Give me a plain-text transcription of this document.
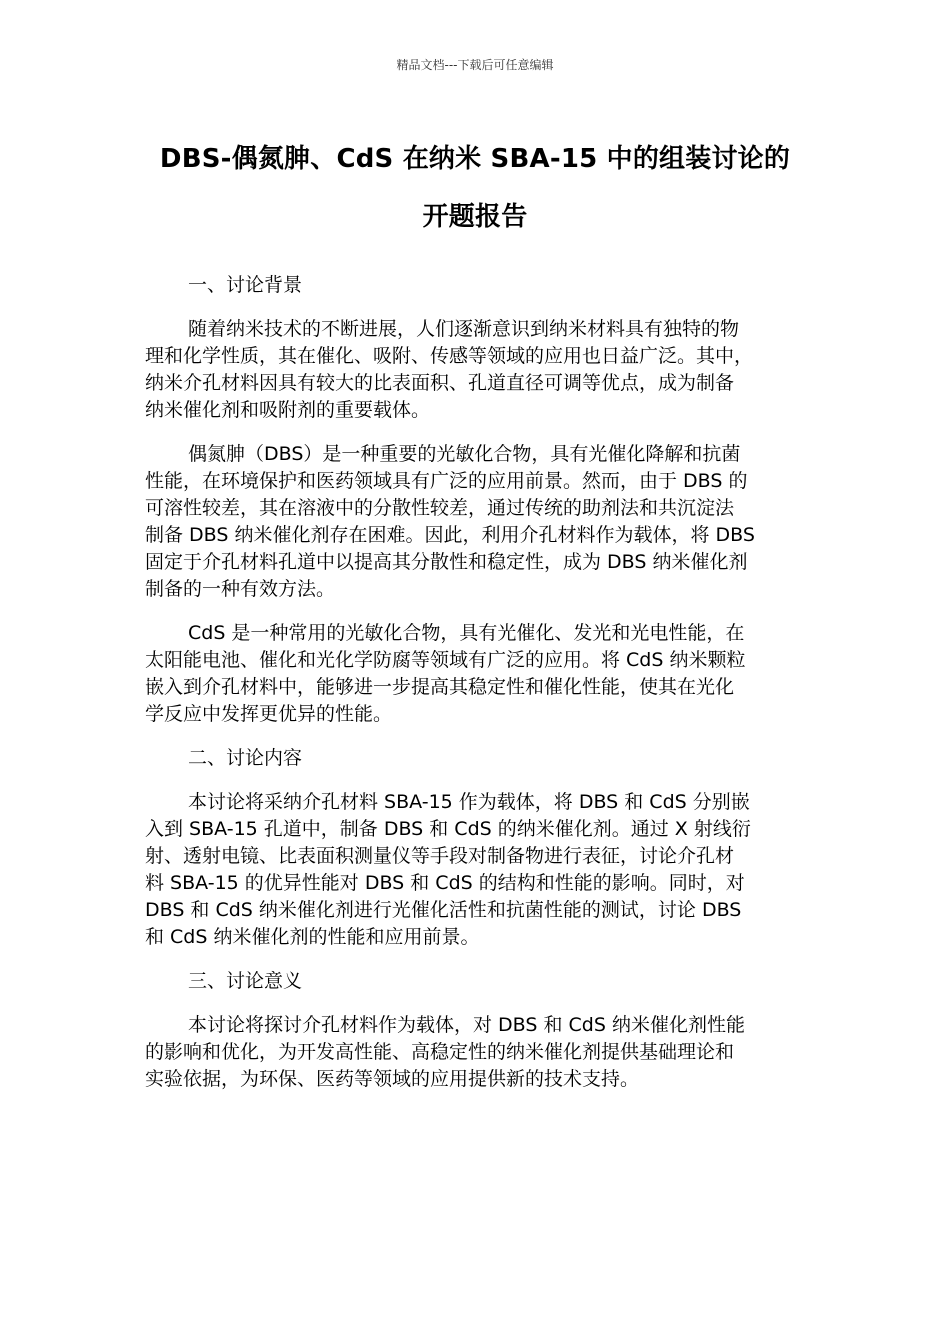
精品文档---下载后可任意编辑
DBS-偶氮胂、CdS 在纳米 SBA-15 中的组装讨论的
开题报告
一、讨论背景
随着纳米技术的不断进展，人们逐渐意识到纳米材料具有独特的物
理和化学性质，其在催化、吸附、传感等领域的应用也日益广泛。其中，
纳米介孔材料因具有较大的比表面积、孔道直径可调等优点，成为制备
纳米催化剂和吸附剂的重要载体。
偶氮胂（DBS）是一种重要的光敏化合物，具有光催化降解和抗菌
性能，在环境保护和医药领域具有广泛的应用前景。然而，由于 DBS 的
可溶性较差，其在溶液中的分散性较差，通过传统的助剂法和共沉淀法
制备 DBS 纳米催化剂存在困难。因此，利用介孔材料作为载体，将 DBS
固定于介孔材料孔道中以提高其分散性和稳定性，成为 DBS 纳米催化剂
制备的一种有效方法。
CdS 是一种常用的光敏化合物，具有光催化、发光和光电性能，在
太阳能电池、催化和光化学防腐等领域有广泛的应用。将 CdS 纳米颗粒
嵌入到介孔材料中，能够进一步提高其稳定性和催化性能，使其在光化
学反应中发挥更优异的性能。
二、讨论内容
本讨论将采纳介孔材料 SBA-15 作为载体，将 DBS 和 CdS 分别嵌
入到 SBA-15 孔道中，制备 DBS 和 CdS 的纳米催化剂。通过 X 射线衍
射、透射电镜、比表面积测量仪等手段对制备物进行表征，讨论介孔材
料 SBA-15 的优异性能对 DBS 和 CdS 的结构和性能的影响。同时，对
DBS 和 CdS 纳米催化剂进行光催化活性和抗菌性能的测试，讨论 DBS
和 CdS 纳米催化剂的性能和应用前景。
三、讨论意义
本讨论将探讨介孔材料作为载体，对 DBS 和 CdS 纳米催化剂性能
的影响和优化，为开发高性能、高稳定性的纳米催化剂提供基础理论和
实验依据，为环保、医药等领域的应用提供新的技术支持。
